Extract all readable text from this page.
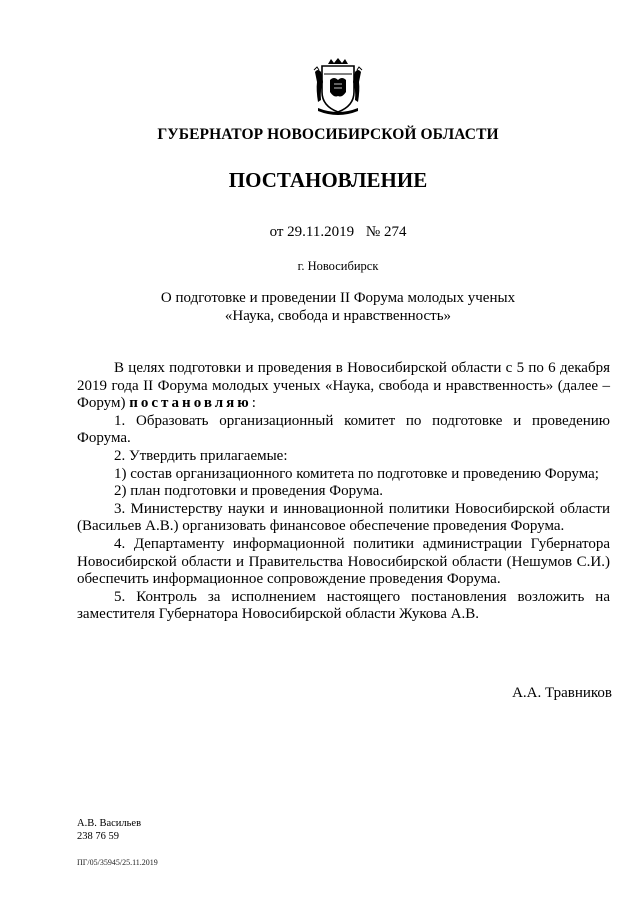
ГУБЕРНАТОР НОВОСИБИРСКОЙ ОБЛАСТИ
ПОСТАНОВЛЕНИЕ
от 29.11.2019 № 274
г. Новосибирск
О подготовке и проведении II Форума молодых ученых
«Наука, свобода и нравственность»

В целях подготовки и проведения в Новосибирской области с 5 по 6 декабря 2019 года II Форума молодых ученых «Наука, свобода и нравственность» (далее – Форум) постановляю:

1. Образовать организационный комитет по подготовке и проведению Форума.

2. Утвердить прилагаемые:

1) состав организационного комитета по подготовке и проведению Форума;

2) план подготовки и проведения Форума.

3. Министерству науки и инновационной политики Новосибирской области (Васильев А.В.) организовать финансовое обеспечение проведения Форума.

4. Департаменту информационной политики администрации Губернатора Новосибирской области и Правительства Новосибирской области (Нешумов С.И.) обеспечить информационное сопровождение проведения Форума.

5. Контроль за исполнением настоящего постановления возложить на заместителя Губернатора Новосибирской области Жукова А.В.

А.А. Травников
А.В. Васильев
238 76 59
ПГ/05/35945/25.11.2019
